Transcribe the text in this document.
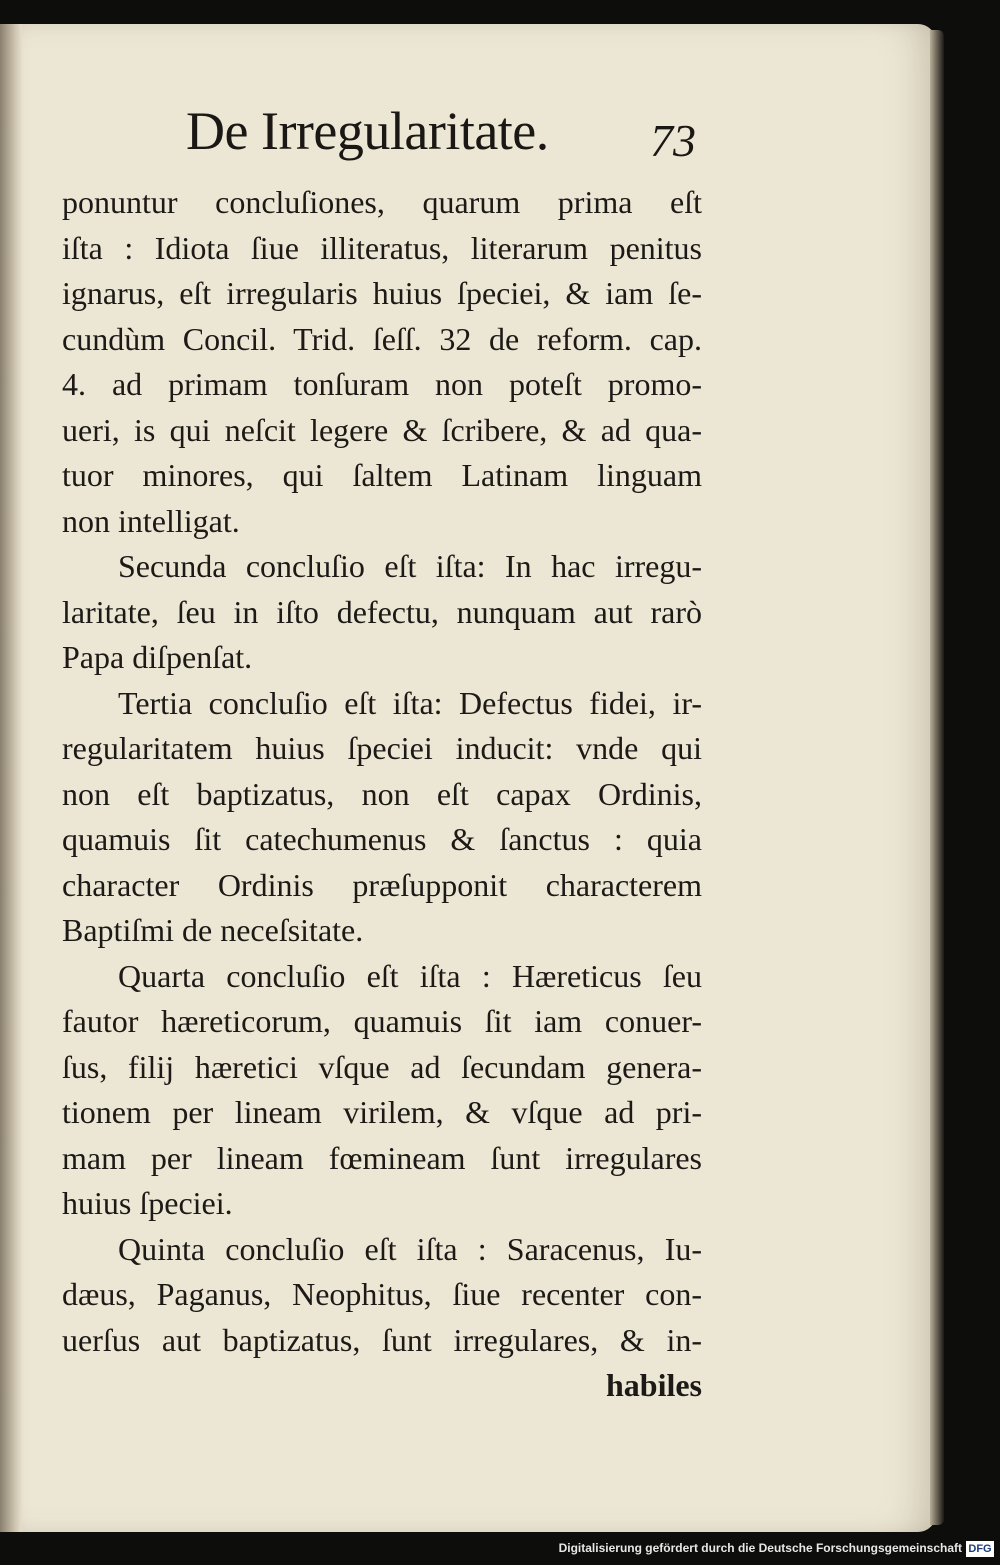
De Irregularitate. 73
ponuntur concluſiones, quarum prima eſt
iſta : Idiota ſiue illiteratus, literarum penitus
ignarus, eſt irregularis huius ſpeciei, & iam ſe-
cundùm Concil. Trid. ſeſſ. 32 de reform. cap.
4. ad primam tonſuram non poteſt promo-
ueri, is qui neſcit legere & ſcribere, & ad qua-
tuor minores, qui ſaltem Latinam linguam
non intelligat.
Secunda concluſio eſt iſta: In hac irregu-
laritate, ſeu in iſto defectu, nunquam aut rarò
Papa diſpenſat.
Tertia concluſio eſt iſta: Defectus fidei, ir-
regularitatem huius ſpeciei inducit: vnde qui
non eſt baptizatus, non eſt capax Ordinis,
quamuis ſit catechumenus & ſanctus : quia
character Ordinis præſupponit characterem
Baptiſmi de neceſsitate.
Quarta concluſio eſt iſta : Hæreticus ſeu
fautor hæreticorum, quamuis ſit iam conuer-
ſus, filij hæretici vſque ad ſecundam genera-
tionem per lineam virilem, & vſque ad pri-
mam per lineam fœmineam ſunt irregulares
huius ſpeciei.
Quinta concluſio eſt iſta : Saracenus, Iu-
dæus, Paganus, Neophitus, ſiue recenter con-
uerſus aut baptizatus, ſunt irregulares, & in-
habiles
Digitalisierung gefördert durch die Deutsche Forschungsgemeinschaft DFG
